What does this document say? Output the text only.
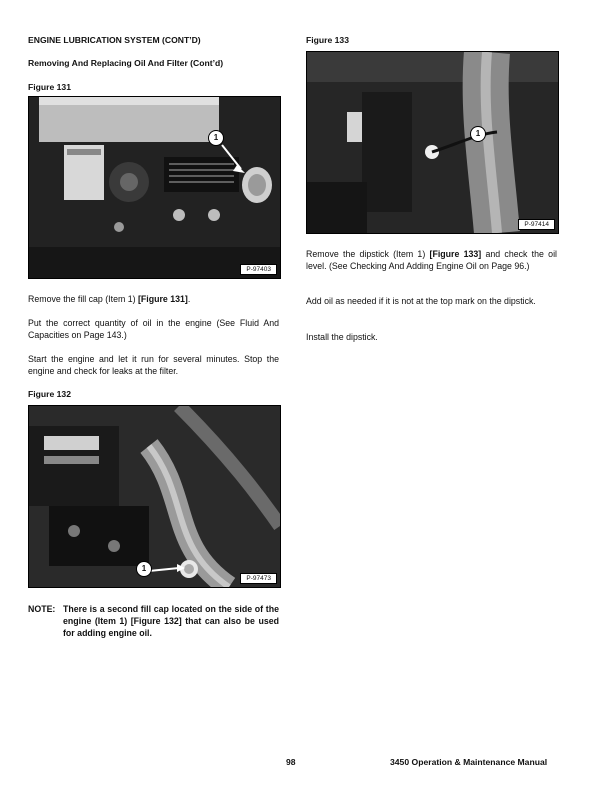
ENGINE LUBRICATION SYSTEM (CONT’D)
Removing And Replacing Oil And Filter (Cont’d)
Figure 131
1
P-97403
Remove the fill cap (Item 1) [Figure 131].
Put the correct quantity of oil in the engine (See Fluid And Capacities on Page 143.)
Start the engine and let it run for several minutes. Stop the engine and check for leaks at the filter.
Figure 132
1
P-97473
NOTE: There is a second fill cap located on the side of the engine (Item 1) [Figure 132] that can also be used for adding engine oil.
Figure 133
1
P-97414
Remove the dipstick (Item 1) [Figure 133] and check the oil level. (See Checking And Adding Engine Oil on Page 96.)
Add oil as needed if it is not at the top mark on the dipstick.
Install the dipstick.
98	3450 Operation & Maintenance Manual
